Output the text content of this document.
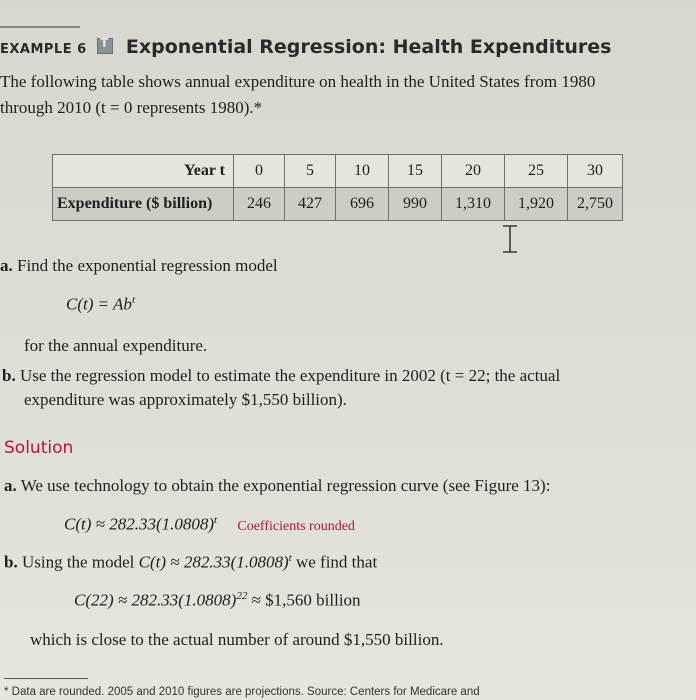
EXAMPLE 6 T Exponential Regression: Health Expenditures
The following table shows annual expenditure on health in the United States from 1980
through 2010 (t = 0 represents 1980).*
Year t	0	5	10	15	20	25	30
Expenditure ($ billion)	246	427	696	990	1,310	1,920	2,750
a. Find the exponential regression model
$C(t) = Ab^t$
for the annual expenditure.
b. Use the regression model to estimate the expenditure in 2002 (t = 22; the actual
expenditure was approximately $1,550 billion).
Solution
a. We use technology to obtain the exponential regression curve (see Figure 13):
$C(t) \approx 282.33(1.0808)^t$ Coefficients rounded
b. Using the model $C(t) \approx 282.33(1.0808)^t$ we find that
$C(22) \approx 282.33(1.0808)^{22}$ ≈ $1,560 billion
which is close to the actual number of around $1,550 billion.
* Data are rounded. 2005 and 2010 figures are projections. Source: Centers for Medicare and
